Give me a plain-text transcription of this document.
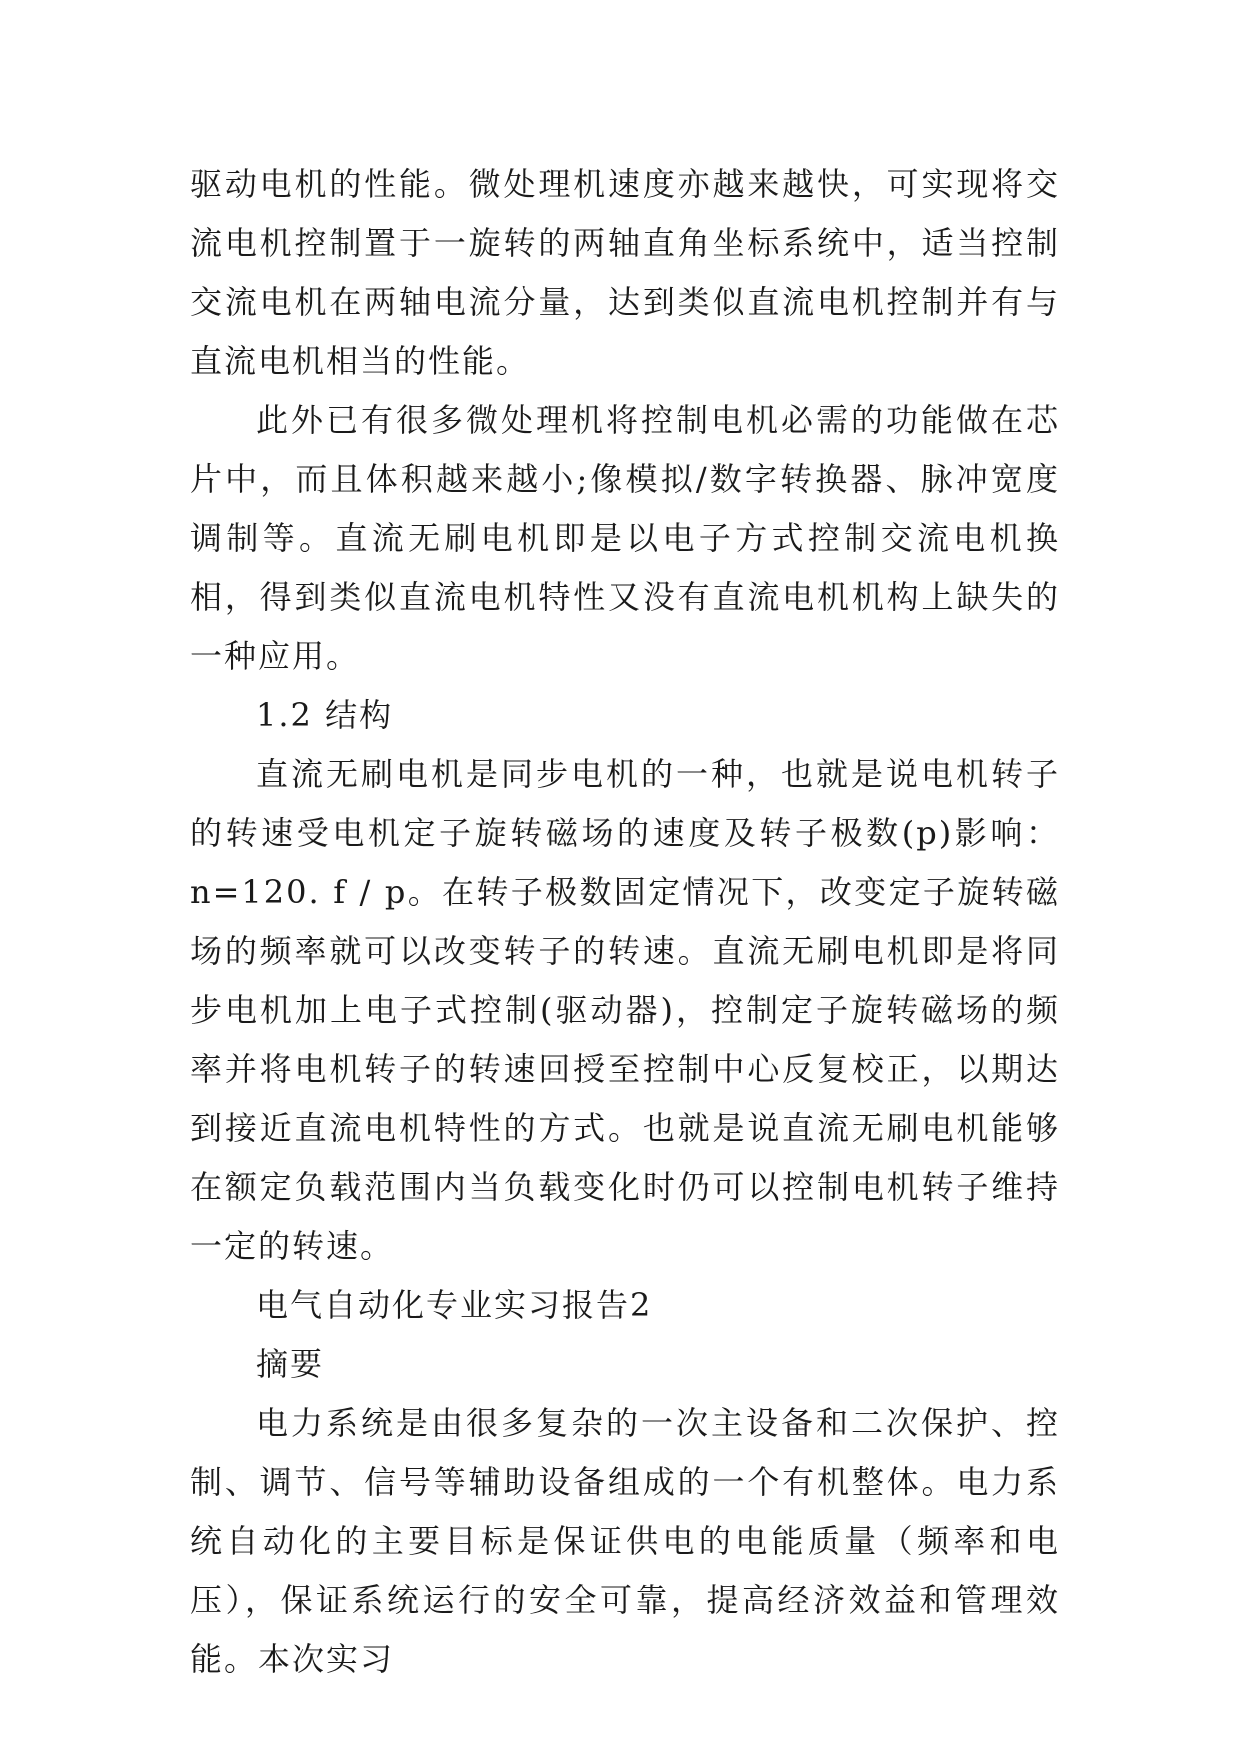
驱动电机的性能。微处理机速度亦越来越快，可实现将交流电机控制置于一旋转的两轴直角坐标系统中，适当控制交流电机在两轴电流分量，达到类似直流电机控制并有与直流电机相当的性能。

此外已有很多微处理机将控制电机必需的功能做在芯片中，而且体积越来越小;像模拟/数字转换器、脉冲宽度调制等。直流无刷电机即是以电子方式控制交流电机换相，得到类似直流电机特性又没有直流电机机构上缺失的一种应用。

1.2 结构

直流无刷电机是同步电机的一种，也就是说电机转子的转速受电机定子旋转磁场的速度及转子极数(p)影响：n=120. f / p。在转子极数固定情况下，改变定子旋转磁场的频率就可以改变转子的转速。直流无刷电机即是将同步电机加上电子式控制(驱动器)，控制定子旋转磁场的频率并将电机转子的转速回授至控制中心反复校正，以期达到接近直流电机特性的方式。也就是说直流无刷电机能够在额定负载范围内当负载变化时仍可以控制电机转子维持一定的转速。

电气自动化专业实习报告2

摘要

电力系统是由很多复杂的一次主设备和二次保护、控制、调节、信号等辅助设备组成的一个有机整体。电力系统自动化的主要目标是保证供电的电能质量（频率和电压），保证系统运行的安全可靠，提高经济效益和管理效能。本次实习
